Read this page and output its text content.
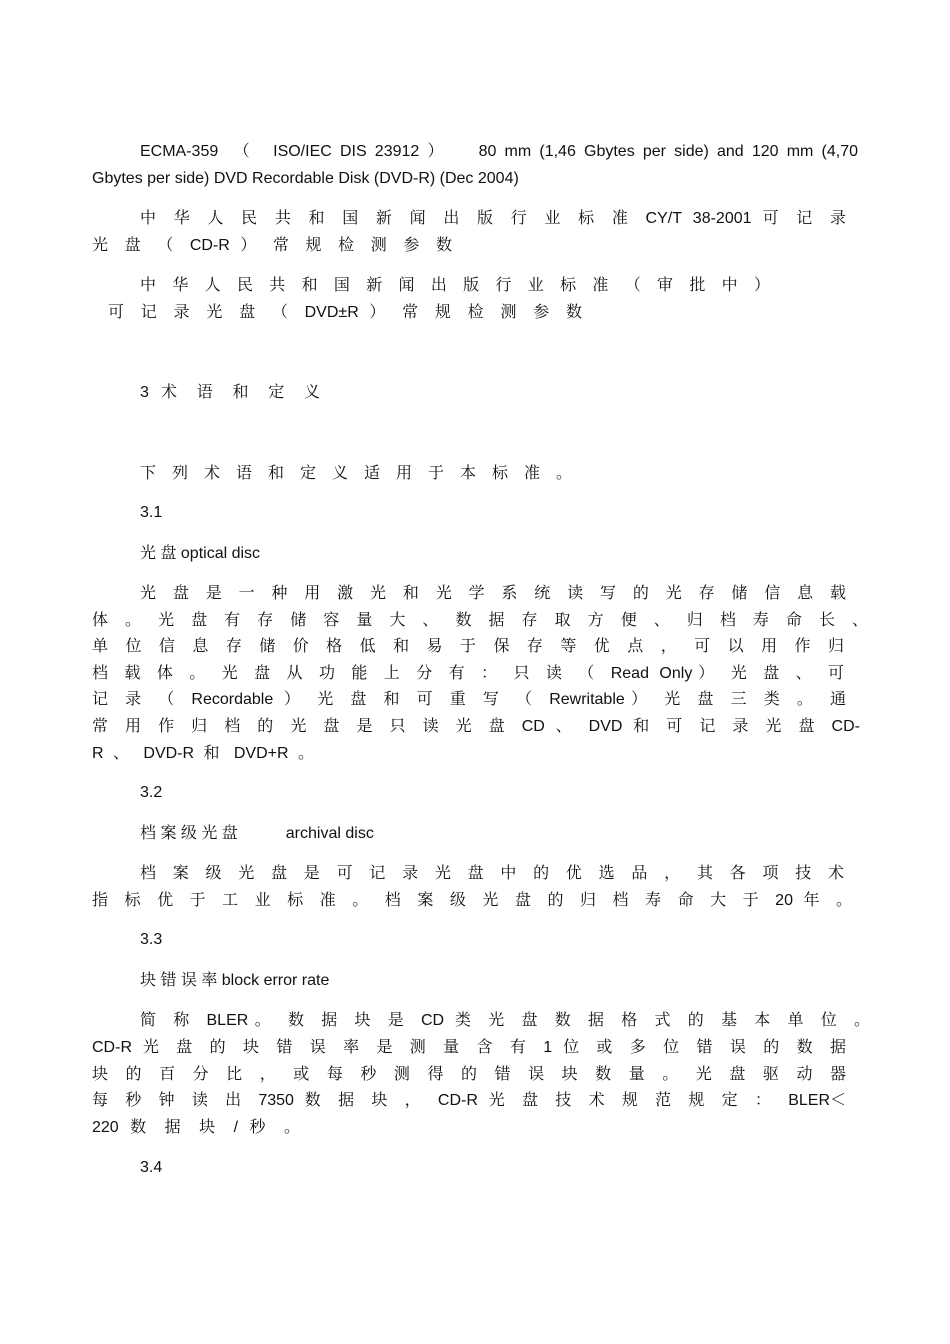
ECMA-359　（　ISO/IEC DIS 23912 ）　　80 mm (1,46 Gbytes per side) and 120 mm (4,70
Gbytes per side) DVD Recordable Disk (DVD-R) (Dec 2004)
中 华 人 民 共 和 国 新 闻 出 版 行 业 标 准 CY/T 38-2001 可 记 录
光 盘 （ CD-R ） 常 规 检 测 参 数
中 华 人 民 共 和 国 新 闻 出 版 行 业 标 准 （ 审 批 中 ）
可 记 录 光 盘 （ DVD±R ） 常 规 检 测 参 数
3 术 语 和 定 义
下 列 术 语 和 定 义 适 用 于 本 标 准 。
3.1
光 盘 optical disc
光 盘 是 一 种 用 激 光 和 光 学 系 统 读 写 的 光 存 储 信 息 载
体 。 光 盘 有 存 储 容 量 大 、 数 据 存 取 方 便 、 归 档 寿 命 长 、
单 位 信 息 存 储 价 格 低 和 易 于 保 存 等 优 点 ， 可 以 用 作 归
档 载 体 。 光 盘 从 功 能 上 分 有 ： 只 读 （ Read Only） 光 盘 、 可
记 录 （ Recordable ） 光 盘 和 可 重 写 （ Rewritable） 光 盘 三 类 。 通
常 用 作 归 档 的 光 盘 是 只 读 光 盘 CD 、 DVD 和 可 记 录 光 盘 CD-
R 、 DVD-R 和 DVD+R 。
3.2
档 案 级 光 盘　　　archival disc
档 案 级 光 盘 是 可 记 录 光 盘 中 的 优 选 品 ， 其 各 项 技 术
指 标 优 于 工 业 标 准 。 档 案 级 光 盘 的 归 档 寿 命 大 于 20 年 。
3.3
块 错 误 率 block error rate
简 称 BLER。 数 据 块 是 CD 类 光 盘 数 据 格 式 的 基 本 单 位 。
CD-R 光 盘 的 块 错 误 率 是 测 量 含 有 1 位 或 多 位 错 误 的 数 据
块 的 百 分 比 ， 或 每 秒 测 得 的 错 误 块 数 量 。 光 盘 驱 动 器
每 秒 钟 读 出 7350 数 据 块 ， CD-R 光 盘 技 术 规 范 规 定 ： BLER＜
220 数 据 块 / 秒 。
3.4
